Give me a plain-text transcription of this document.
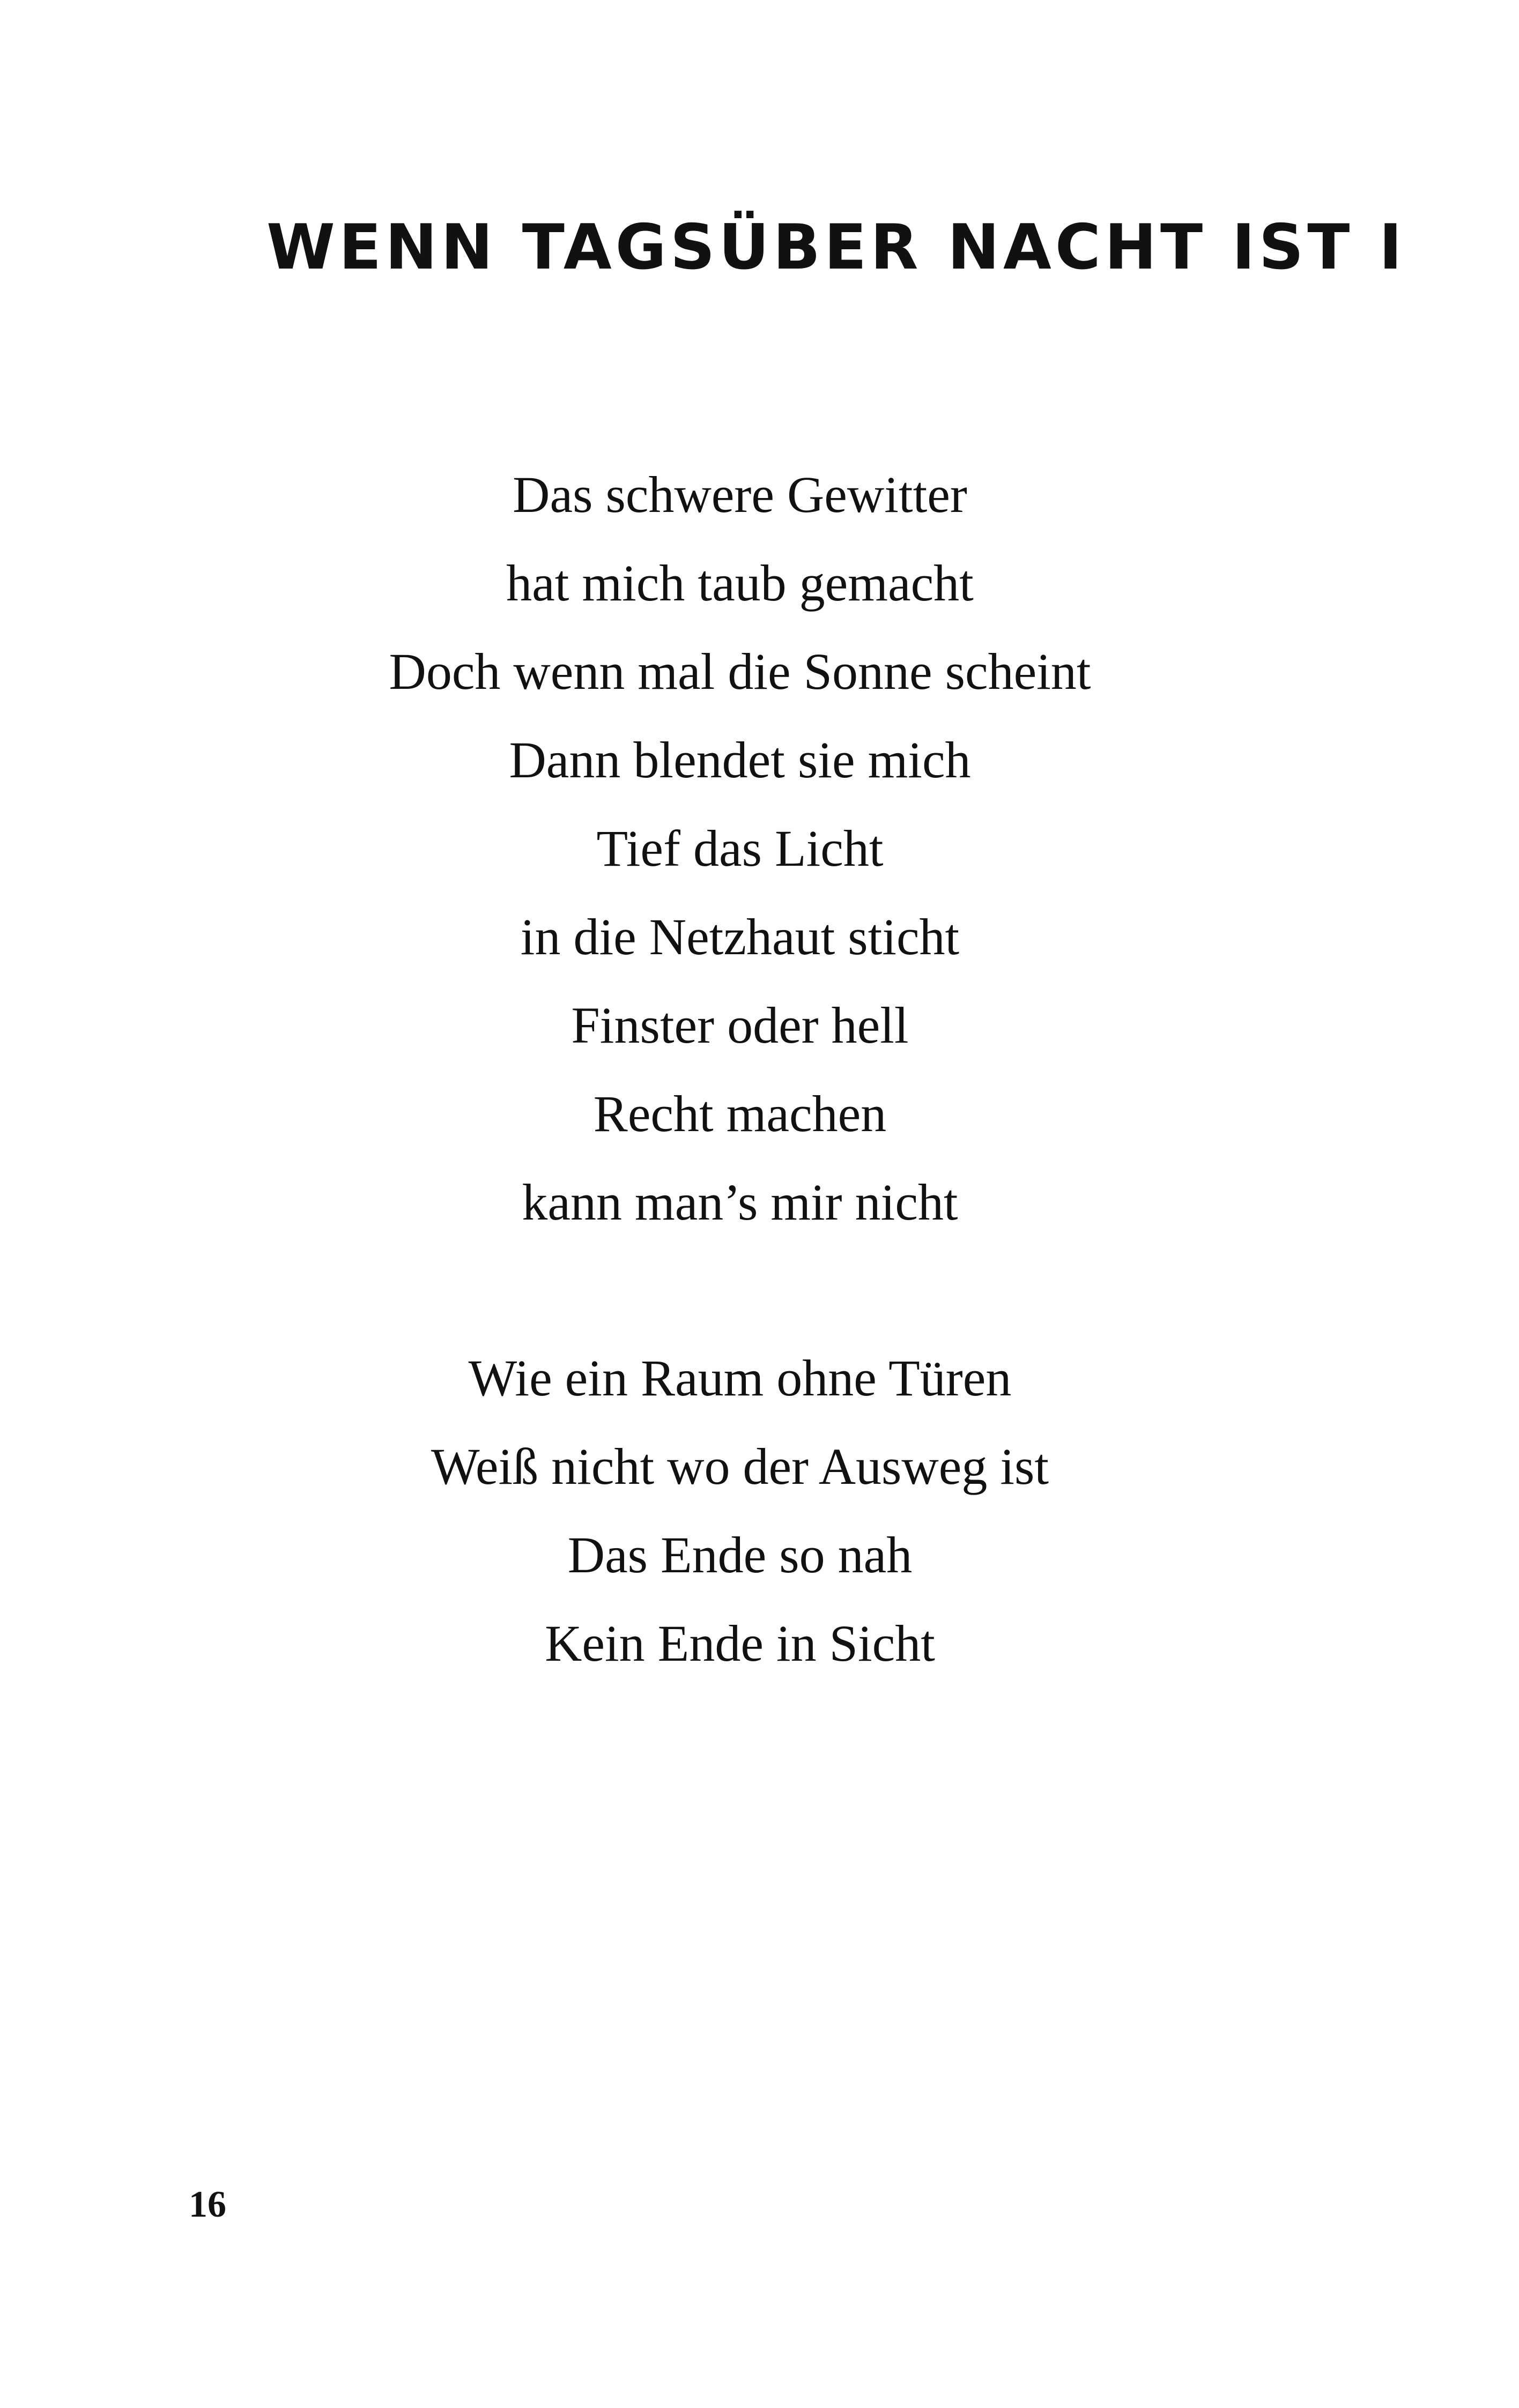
WENN TAGSÜBER NACHT IST I
Das schwere Gewitter
hat mich taub gemacht
Doch wenn mal die Sonne scheint
Dann blendet sie mich
Tief das Licht
in die Netzhaut sticht
Finster oder hell
Recht machen
kann man’s mir nicht
Wie ein Raum ohne Türen
Weiß nicht wo der Ausweg ist
Das Ende so nah
Kein Ende in Sicht
16
